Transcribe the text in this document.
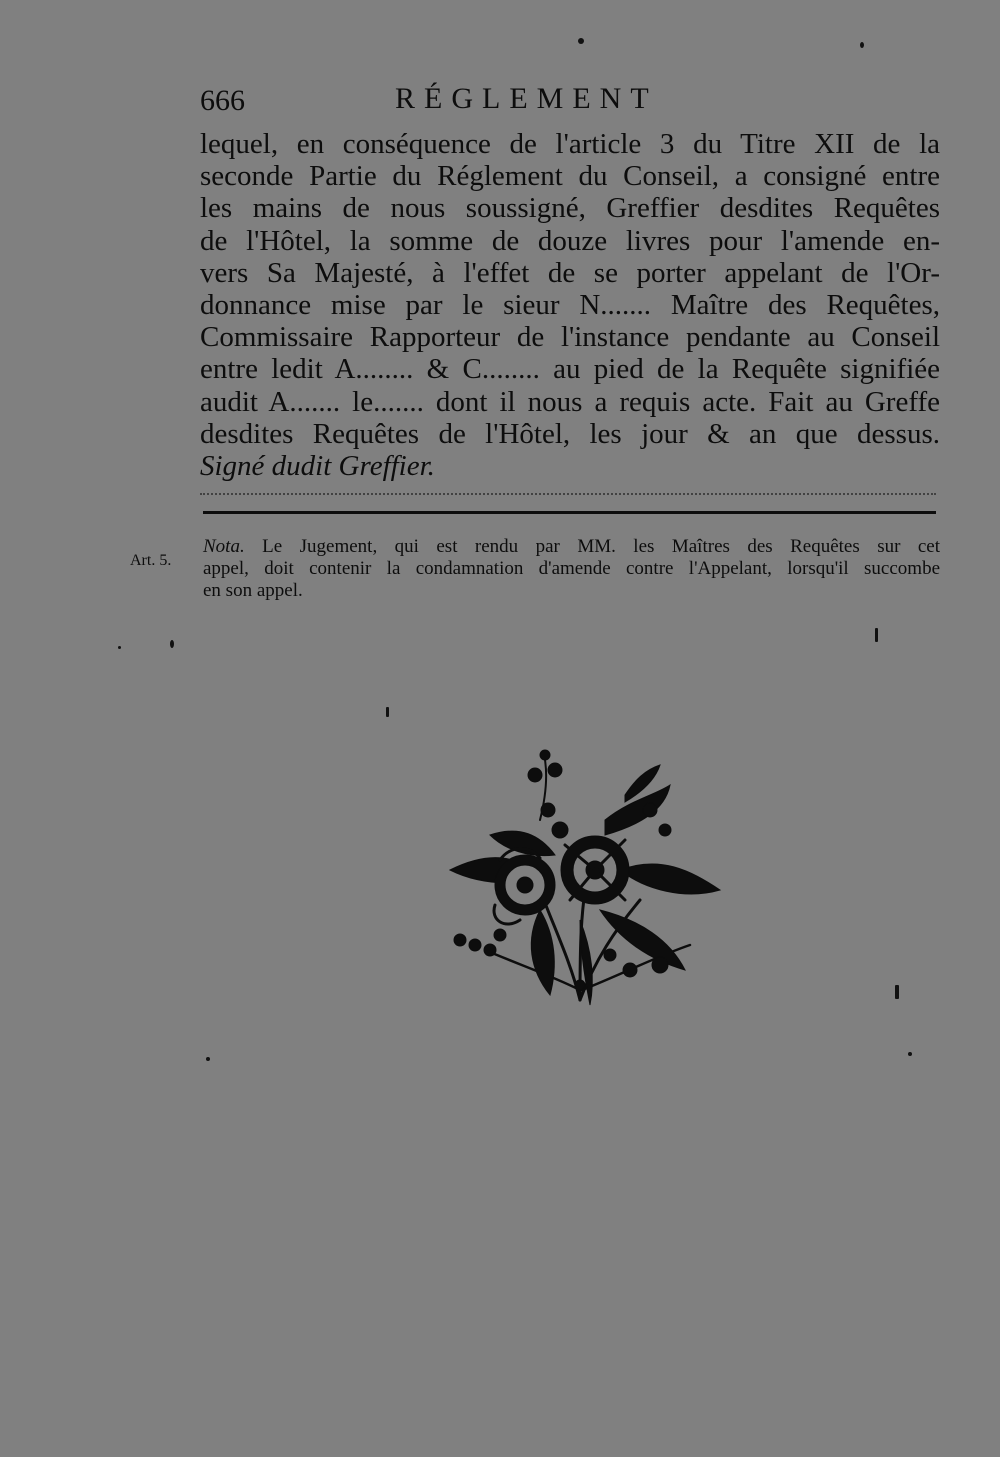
666	RÉGLEMENT
lequel, en conséquence de l'article 3 du Titre XII de la
seconde Partie du Réglement du Conseil, a consigné entre
les mains de nous soussigné, Greffier desdites Requêtes
de l'Hôtel, la somme de douze livres pour l'amende en-
vers Sa Majesté, à l'effet de se porter appelant de l'Or-
donnance mise par le sieur N....... Maître des Requêtes,
Commissaire Rapporteur de l'instance pendante au Conseil
entre ledit A........ & C........ au pied de la Requête signifiée
audit A....... le....... dont il nous a requis acte. Fait au Greffe
desdites Requêtes de l'Hôtel, les jour & an que dessus.
Signé dudit Greffier.
Art. 5.
Nota. Le Jugement, qui est rendu par MM. les Maîtres des Requêtes sur cet
appel, doit contenir la condamnation d'amende contre l'Appelant, lorsqu'il succombe
en son appel.
